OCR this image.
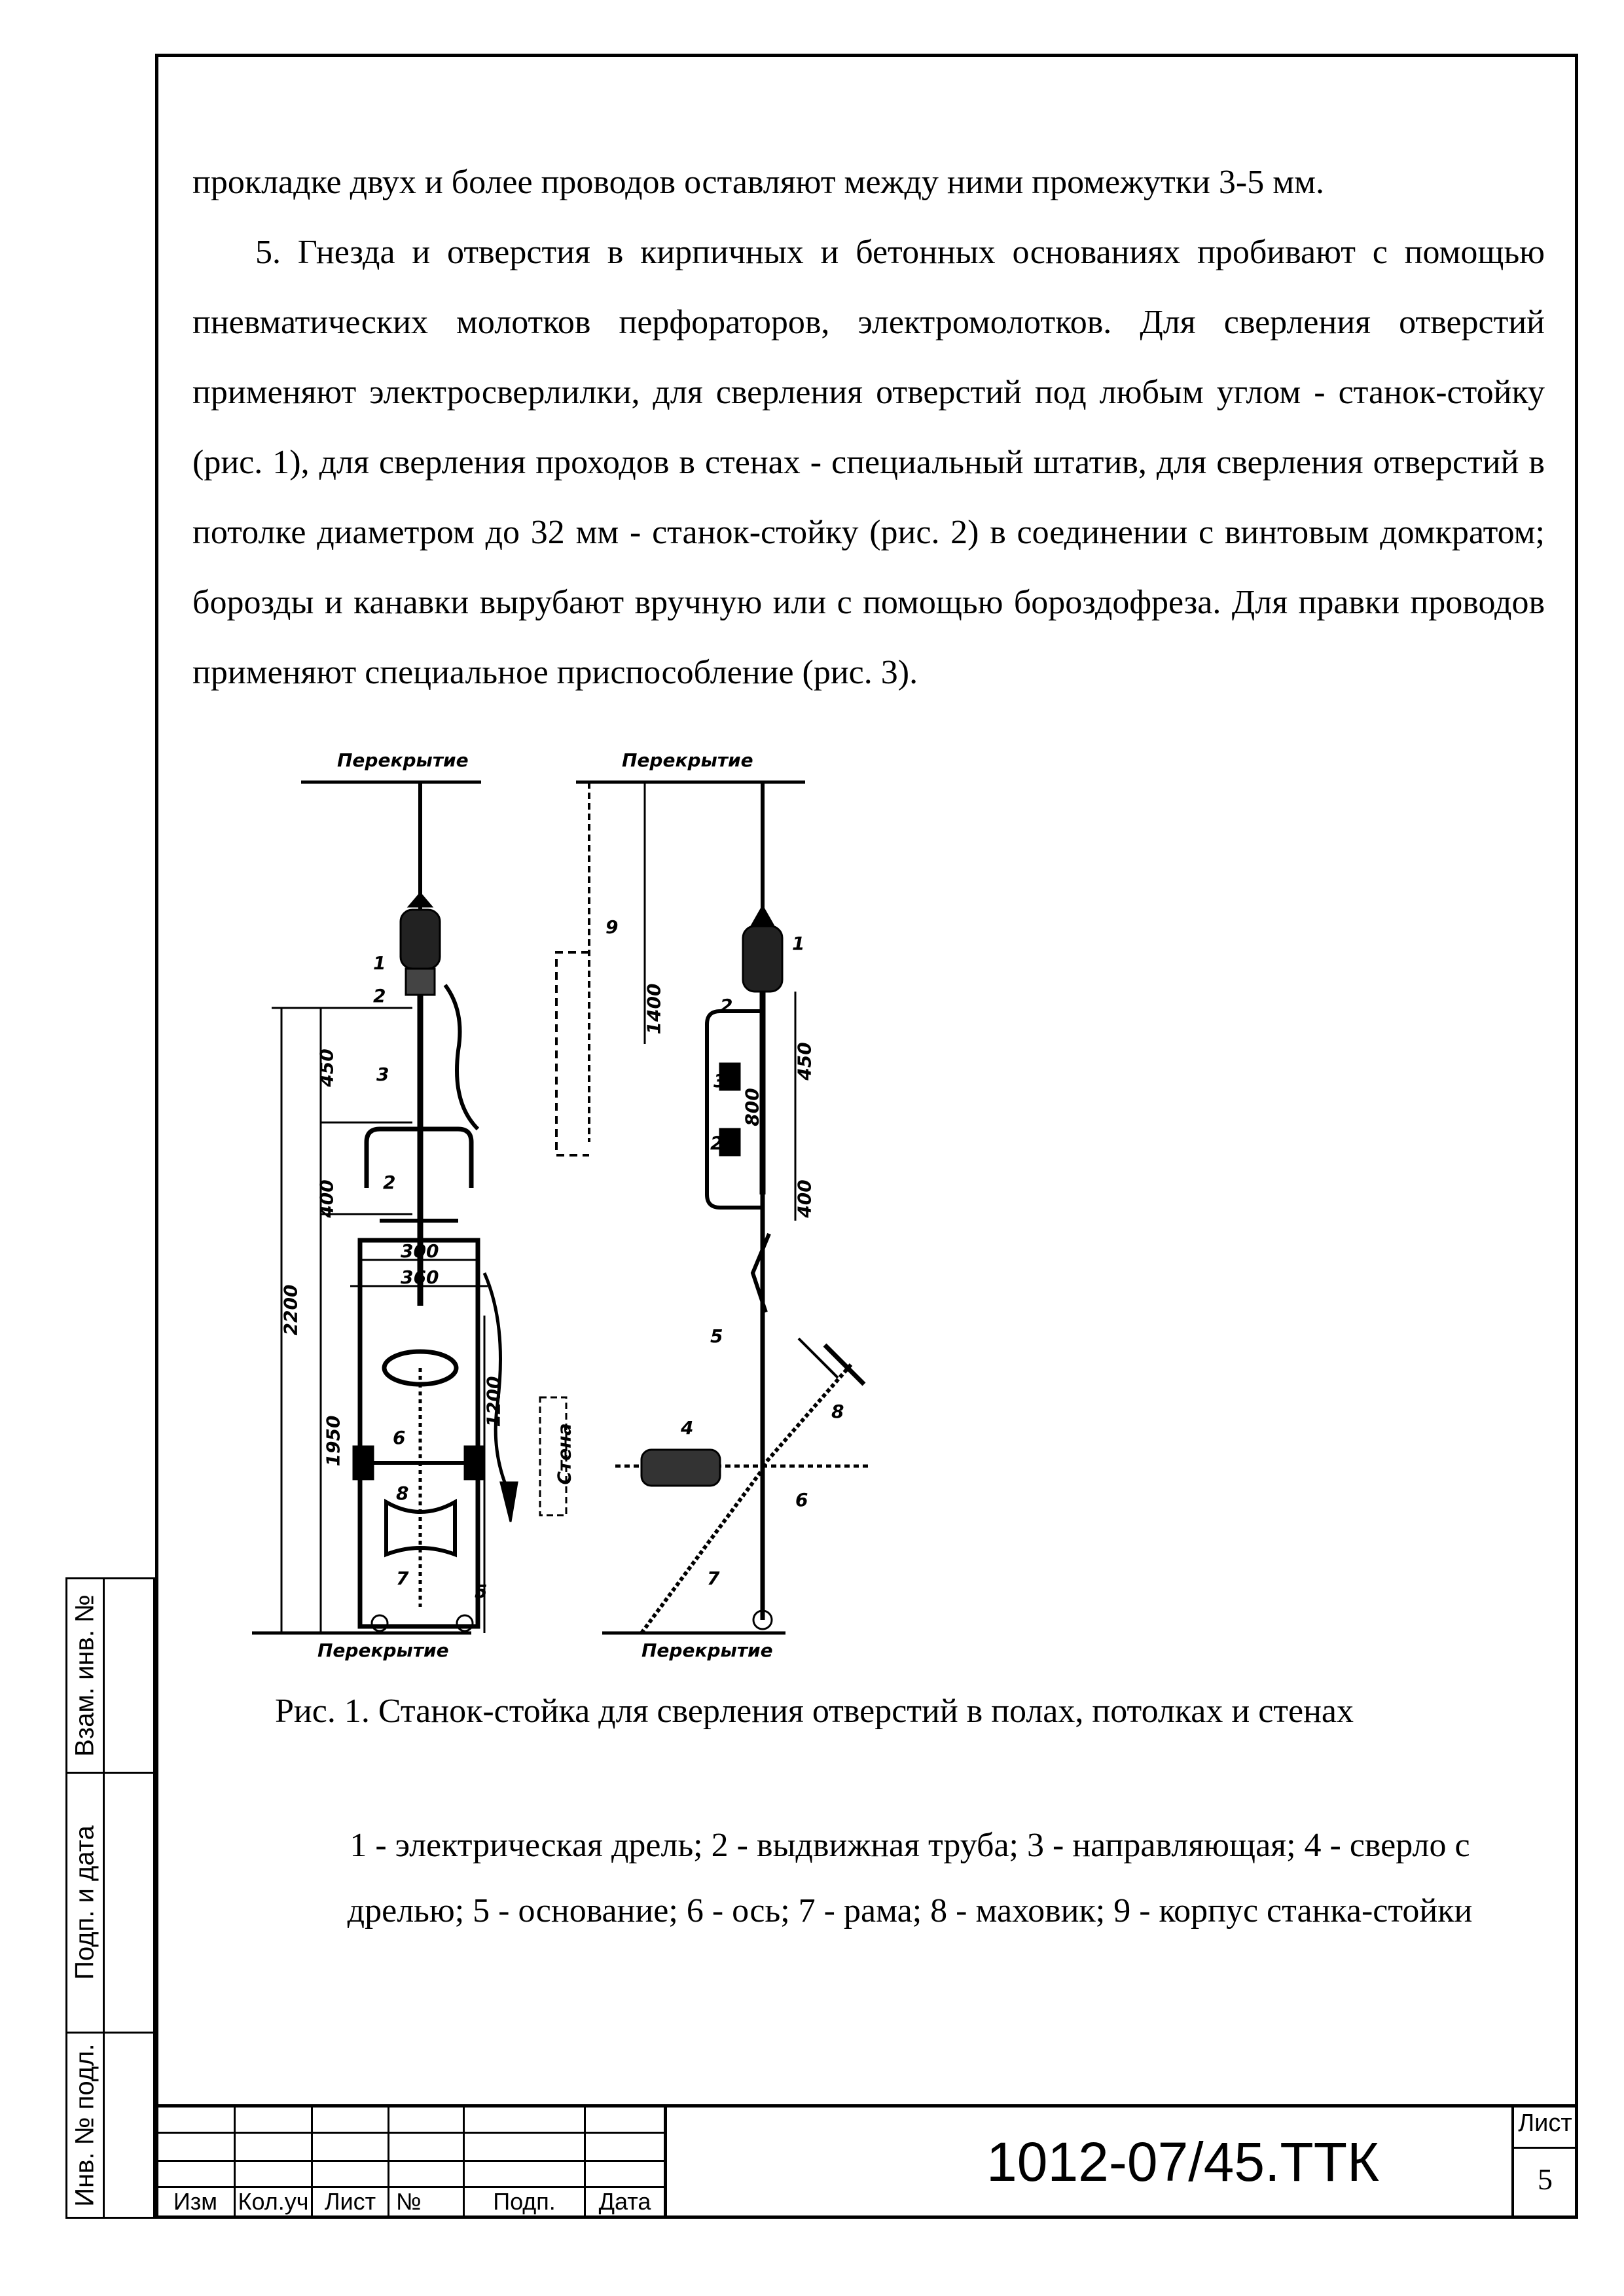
прокладке двух и более проводов оставляют между ними промежутки 3-5 мм.

5. Гнезда и отверстия в кирпичных и бетонных основаниях пробивают с помощью пневматических молотков перфораторов, электромолотков. Для сверления отверстий применяют электросверлилки, для сверления отверстий под любым углом - станок-стойку (рис. 1), для сверления проходов в стенах - специальный штатив, для сверления отверстий в потолке диаметром до 32 мм - станок-стойку (рис. 2) в соединении с винтовым домкратом; борозды и канавки вырубают вручную или с помощью бороздофреза. Для правки проводов применяют специальное приспособление (рис. 3).

Перекрытие	Перекрытие
Перекрытие	Перекрытие
Стена
2200
450
400
300
360
1950
1200
1400
800
450
400
1
2
3
2
6
8
7
5
9
1
2
3
2
5
4
6
7
8
Рис. 1. Станок-стойка для сверления отверстий в полах, потолках и стенах
1 - электрическая дрель; 2 - выдвижная труба; 3 - направляющая; 4 - сверло с
дрелью; 5 - основание; 6 - ось; 7 - рама; 8 - маховик; 9 - корпус станка-стойки
Взам. инв. №
Подп. и дата
Инв. № подл.	Изм Кол.уч Лист №	Подп.	Дата
1012-07/45.ТТК
Лист
5
